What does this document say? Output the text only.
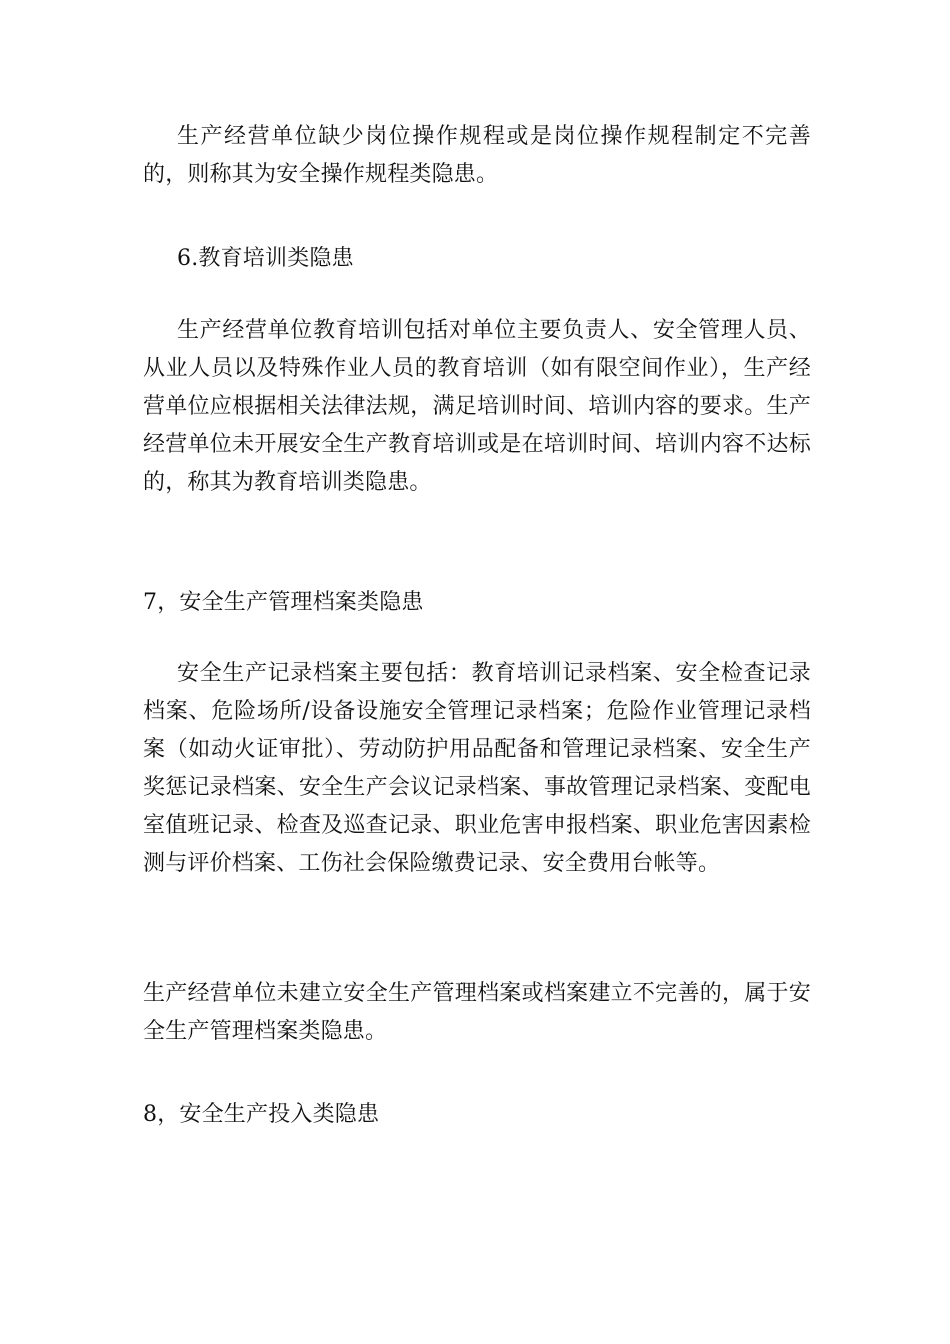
生产经营单位缺少岗位操作规程或是岗位操作规程制定不完善的，则称其为安全操作规程类隐患。

6.教育培训类隐患

生产经营单位教育培训包括对单位主要负责人、安全管理人员、从业人员以及特殊作业人员的教育培训（如有限空间作业），生产经营单位应根据相关法律法规，满足培训时间、培训内容的要求。生产经营单位未开展安全生产教育培训或是在培训时间、培训内容不达标的，称其为教育培训类隐患。

7，安全生产管理档案类隐患

安全生产记录档案主要包括：教育培训记录档案、安全检查记录档案、危险场所/设备设施安全管理记录档案；危险作业管理记录档案（如动火证审批）、劳动防护用品配备和管理记录档案、安全生产奖惩记录档案、安全生产会议记录档案、事故管理记录档案、变配电室值班记录、检查及巡查记录、职业危害申报档案、职业危害因素检测与评价档案、工伤社会保险缴费记录、安全费用台帐等。

生产经营单位未建立安全生产管理档案或档案建立不完善的，属于安全生产管理档案类隐患。

8，安全生产投入类隐患
